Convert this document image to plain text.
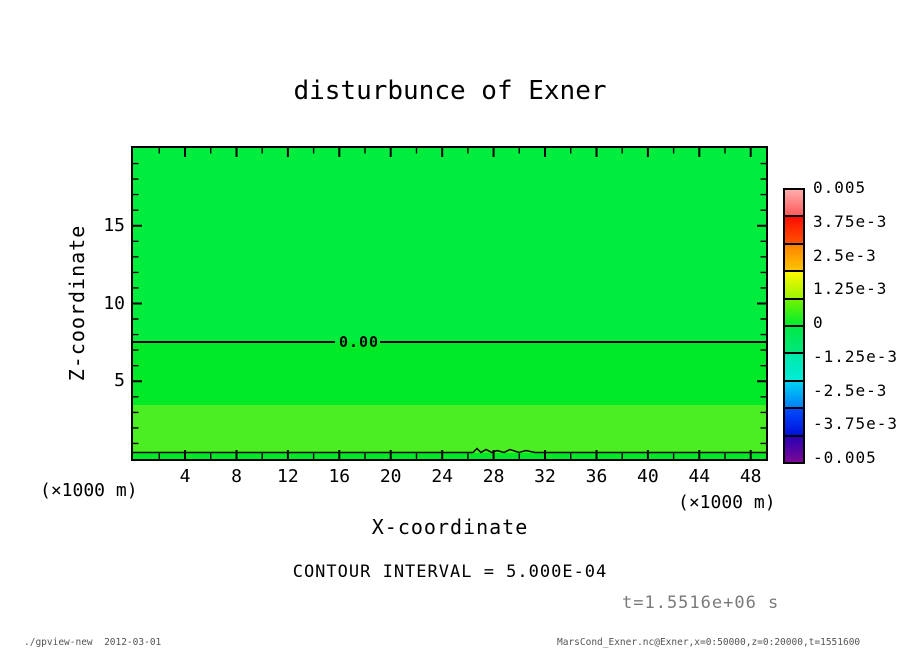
disturbunce of Exner
0.00
Z-coordinate
X-coordinate
(×1000 m)
(×1000 m)
4	8	12	16	20	24	28	32	36	40	44	48
5
10
15
0.005
3.75e-3
2.5e-3
1.25e-3
0
-1.25e-3
-2.5e-3
-3.75e-3
-0.005
CONTOUR INTERVAL = 5.000E-04
t=1.5516e+06 s
./gpview-new  2012-03-01	MarsCond_Exner.nc@Exner,x=0:50000,z=0:20000,t=1551600
